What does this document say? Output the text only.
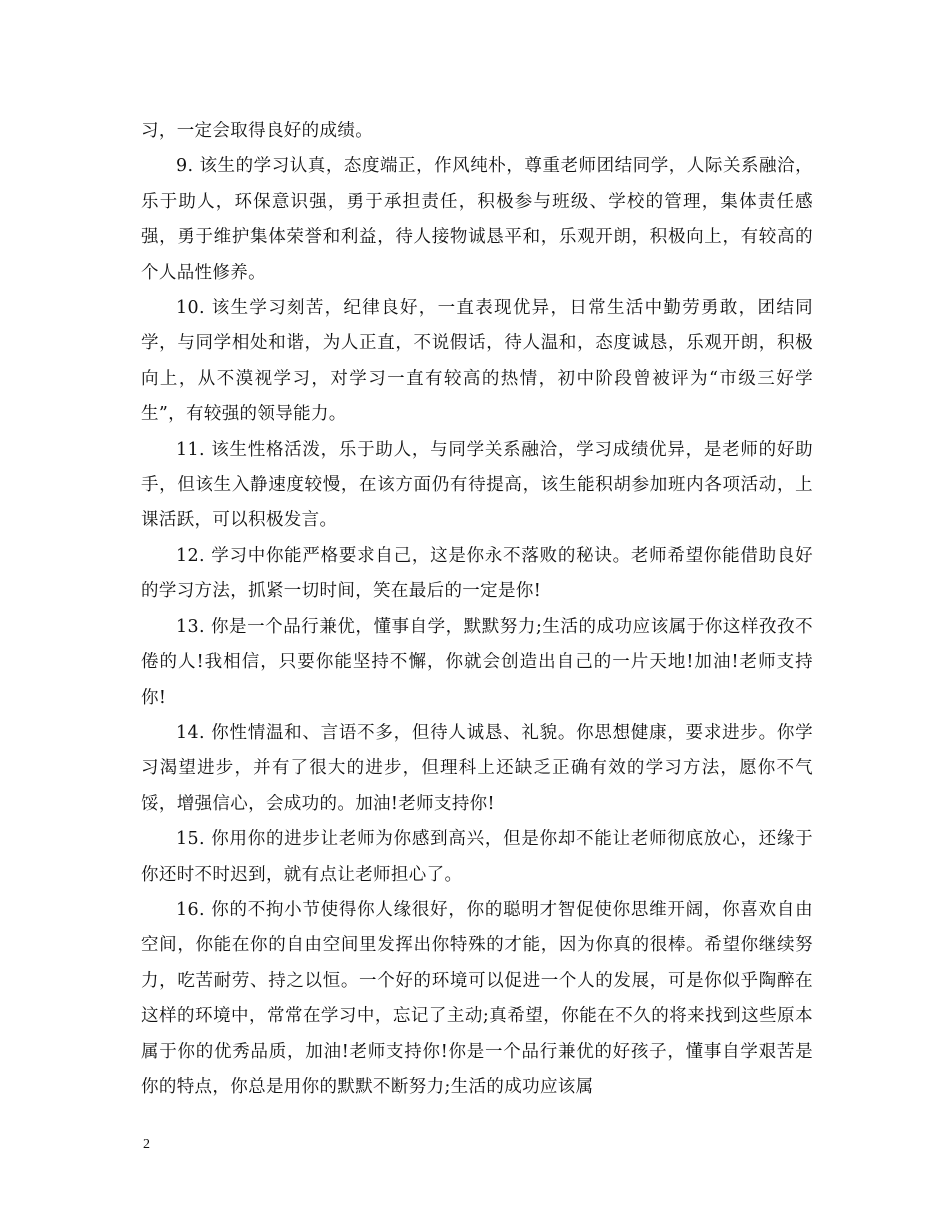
习，一定会取得良好的成绩。

9. 该生的学习认真，态度端正，作风纯朴，尊重老师团结同学，人际关系融洽，乐于助人，环保意识强，勇于承担责任，积极参与班级、学校的管理，集体责任感强，勇于维护集体荣誉和利益，待人接物诚恳平和，乐观开朗，积极向上，有较高的个人品性修养。

10. 该生学习刻苦，纪律良好，一直表现优异，日常生活中勤劳勇敢，团结同学，与同学相处和谐，为人正直，不说假话，待人温和，态度诚恳，乐观开朗，积极向上，从不漠视学习，对学习一直有较高的热情，初中阶段曾被评为“市级三好学生”，有较强的领导能力。

11. 该生性格活泼，乐于助人，与同学关系融洽，学习成绩优异，是老师的好助手，但该生入静速度较慢，在该方面仍有待提高，该生能积胡参加班内各项活动，上课活跃，可以积极发言。

12. 学习中你能严格要求自己，这是你永不落败的秘诀。老师希望你能借助良好的学习方法，抓紧一切时间，笑在最后的一定是你!

13. 你是一个品行兼优，懂事自学，默默努力;生活的成功应该属于你这样孜孜不倦的人!我相信，只要你能坚持不懈，你就会创造出自己的一片天地!加油!老师支持你!

14. 你性情温和、言语不多，但待人诚恳、礼貌。你思想健康，要求进步。你学习渴望进步，并有了很大的进步，但理科上还缺乏正确有效的学习方法，愿你不气馁，增强信心，会成功的。加油!老师支持你!

15. 你用你的进步让老师为你感到高兴，但是你却不能让老师彻底放心，还缘于你还时不时迟到，就有点让老师担心了。

16. 你的不拘小节使得你人缘很好，你的聪明才智促使你思维开阔，你喜欢自由空间，你能在你的自由空间里发挥出你特殊的才能，因为你真的很棒。希望你继续努力，吃苦耐劳、持之以恒。一个好的环境可以促进一个人的发展，可是你似乎陶醉在这样的环境中，常常在学习中，忘记了主动;真希望，你能在不久的将来找到这些原本属于你的优秀品质，加油!老师支持你!你是一个品行兼优的好孩子，懂事自学艰苦是你的特点，你总是用你的默默不断努力;生活的成功应该属

2
